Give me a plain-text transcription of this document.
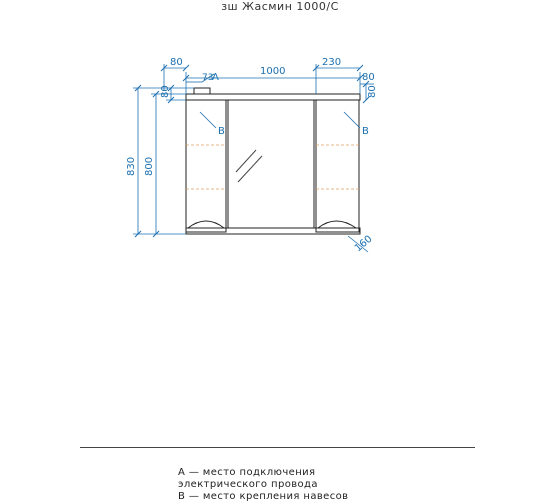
зш Жасмин 1000/С
80
73
1000
230
80
80
80
830 800
160
A
B	B
А — место подключения
электрического провода
В — место крепления навесов
